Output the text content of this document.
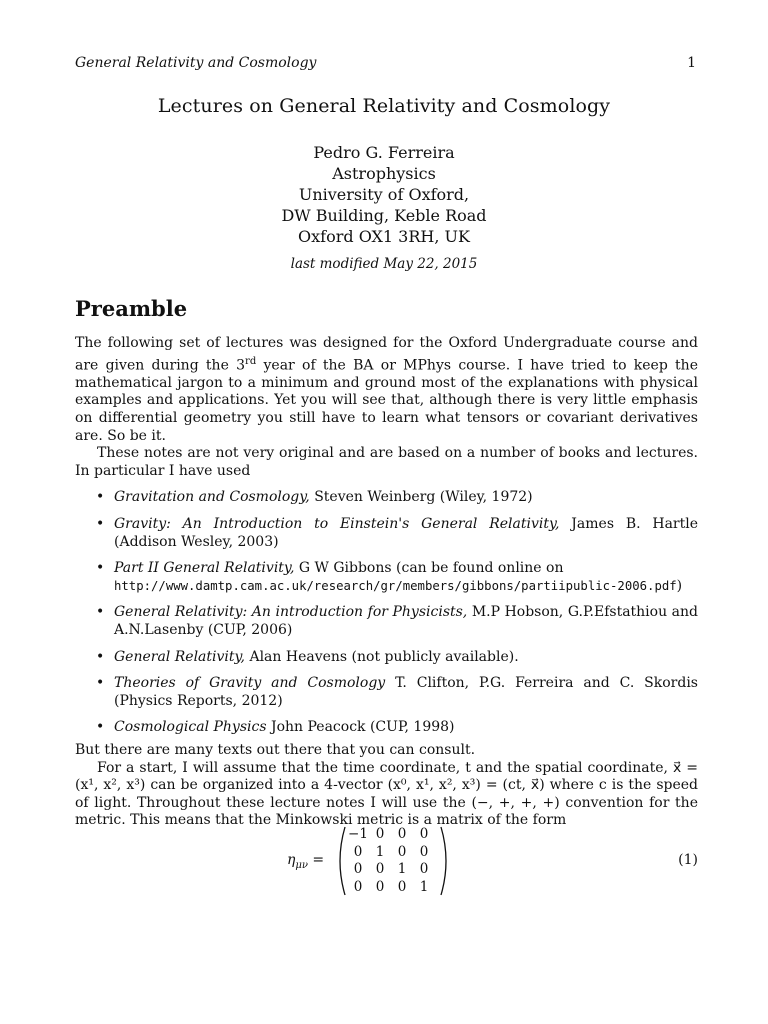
General Relativity and Cosmology	1
Lectures on General Relativity and Cosmology
Pedro G. Ferreira
Astrophysics
University of Oxford,
DW Building, Keble Road
Oxford OX1 3RH, UK
last modified May 22, 2015
Preamble

The following set of lectures was designed for the Oxford Undergraduate course and are given during the 3rd year of the BA or MPhys course. I have tried to keep the mathematical jargon to a minimum and ground most of the explanations with physical examples and applications. Yet you will see that, although there is very little emphasis on differential geometry you still have to learn what tensors or covariant derivatives are. So be it.

These notes are not very original and are based on a number of books and lectures. In particular I have used

• Gravitation and Cosmology, Steven Weinberg (Wiley, 1972)
• Gravity: An Introduction to Einstein's General Relativity, James B. Hartle (Addison Wesley, 2003)
• Part II General Relativity, G W Gibbons (can be found online on
http://www.damtp.cam.ac.uk/research/gr/members/gibbons/partiipublic-2006.pdf)
• General Relativity: An introduction for Physicists, M.P Hobson, G.P.Efstathiou and A.N.Lasenby (CUP, 2006)
• General Relativity, Alan Heavens (not publicly available).
• Theories of Gravity and Cosmology T. Clifton, P.G. Ferreira and C. Skordis (Physics Reports, 2012)
• Cosmological Physics John Peacock (CUP, 1998)

But there are many texts out there that you can consult.

For a start, I will assume that the time coordinate, t and the spatial coordinate, x⃗ = (x¹, x², x³) can be organized into a 4-vector (x⁰, x¹, x², x³) = (ct, x⃗) where c is the speed of light. Throughout these lecture notes I will use the (−, +, +, +) convention for the metric. This means that the Minkowski metric is a matrix of the form

$\eta_{\mu\nu}$ =
−1	0	0	0
0	1	0	0
0	0	1	0
0	0	0	1
(1)
